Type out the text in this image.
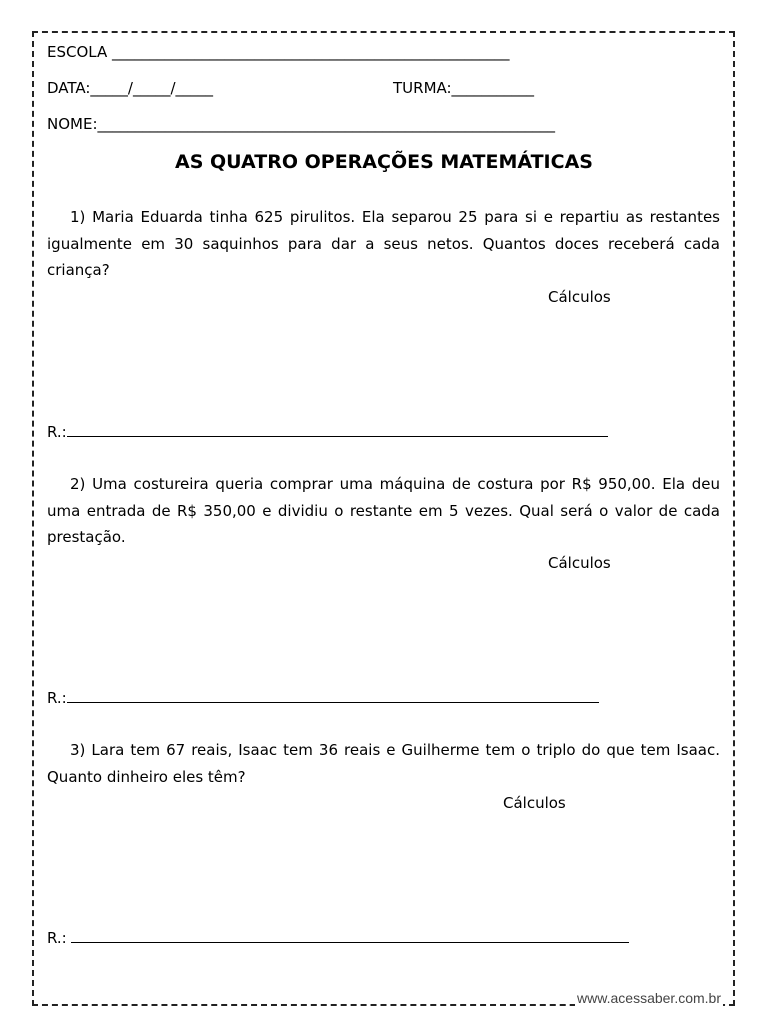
ESCOLA _____________________________________________________
DATA:_____/_____/_____	TURMA:___________
NOME:_____________________________________________________________
AS QUATRO OPERAÇÕES MATEMÁTICAS
1) Maria Eduarda tinha 625 pirulitos. Ela separou 25 para si e repartiu as restantes igualmente em 30 saquinhos para dar a seus netos. Quantos doces receberá cada criança?
Cálculos
R.:
2) Uma costureira queria comprar uma máquina de costura por R$ 950,00. Ela deu uma entrada de R$ 350,00 e dividiu o restante em 5 vezes. Qual será o valor de cada prestação.
Cálculos
R.:
3) Lara tem 67 reais, Isaac tem 36 reais e Guilherme tem o triplo do que tem Isaac. Quanto dinheiro eles têm?
Cálculos
R.:
www.acessaber.com.br
